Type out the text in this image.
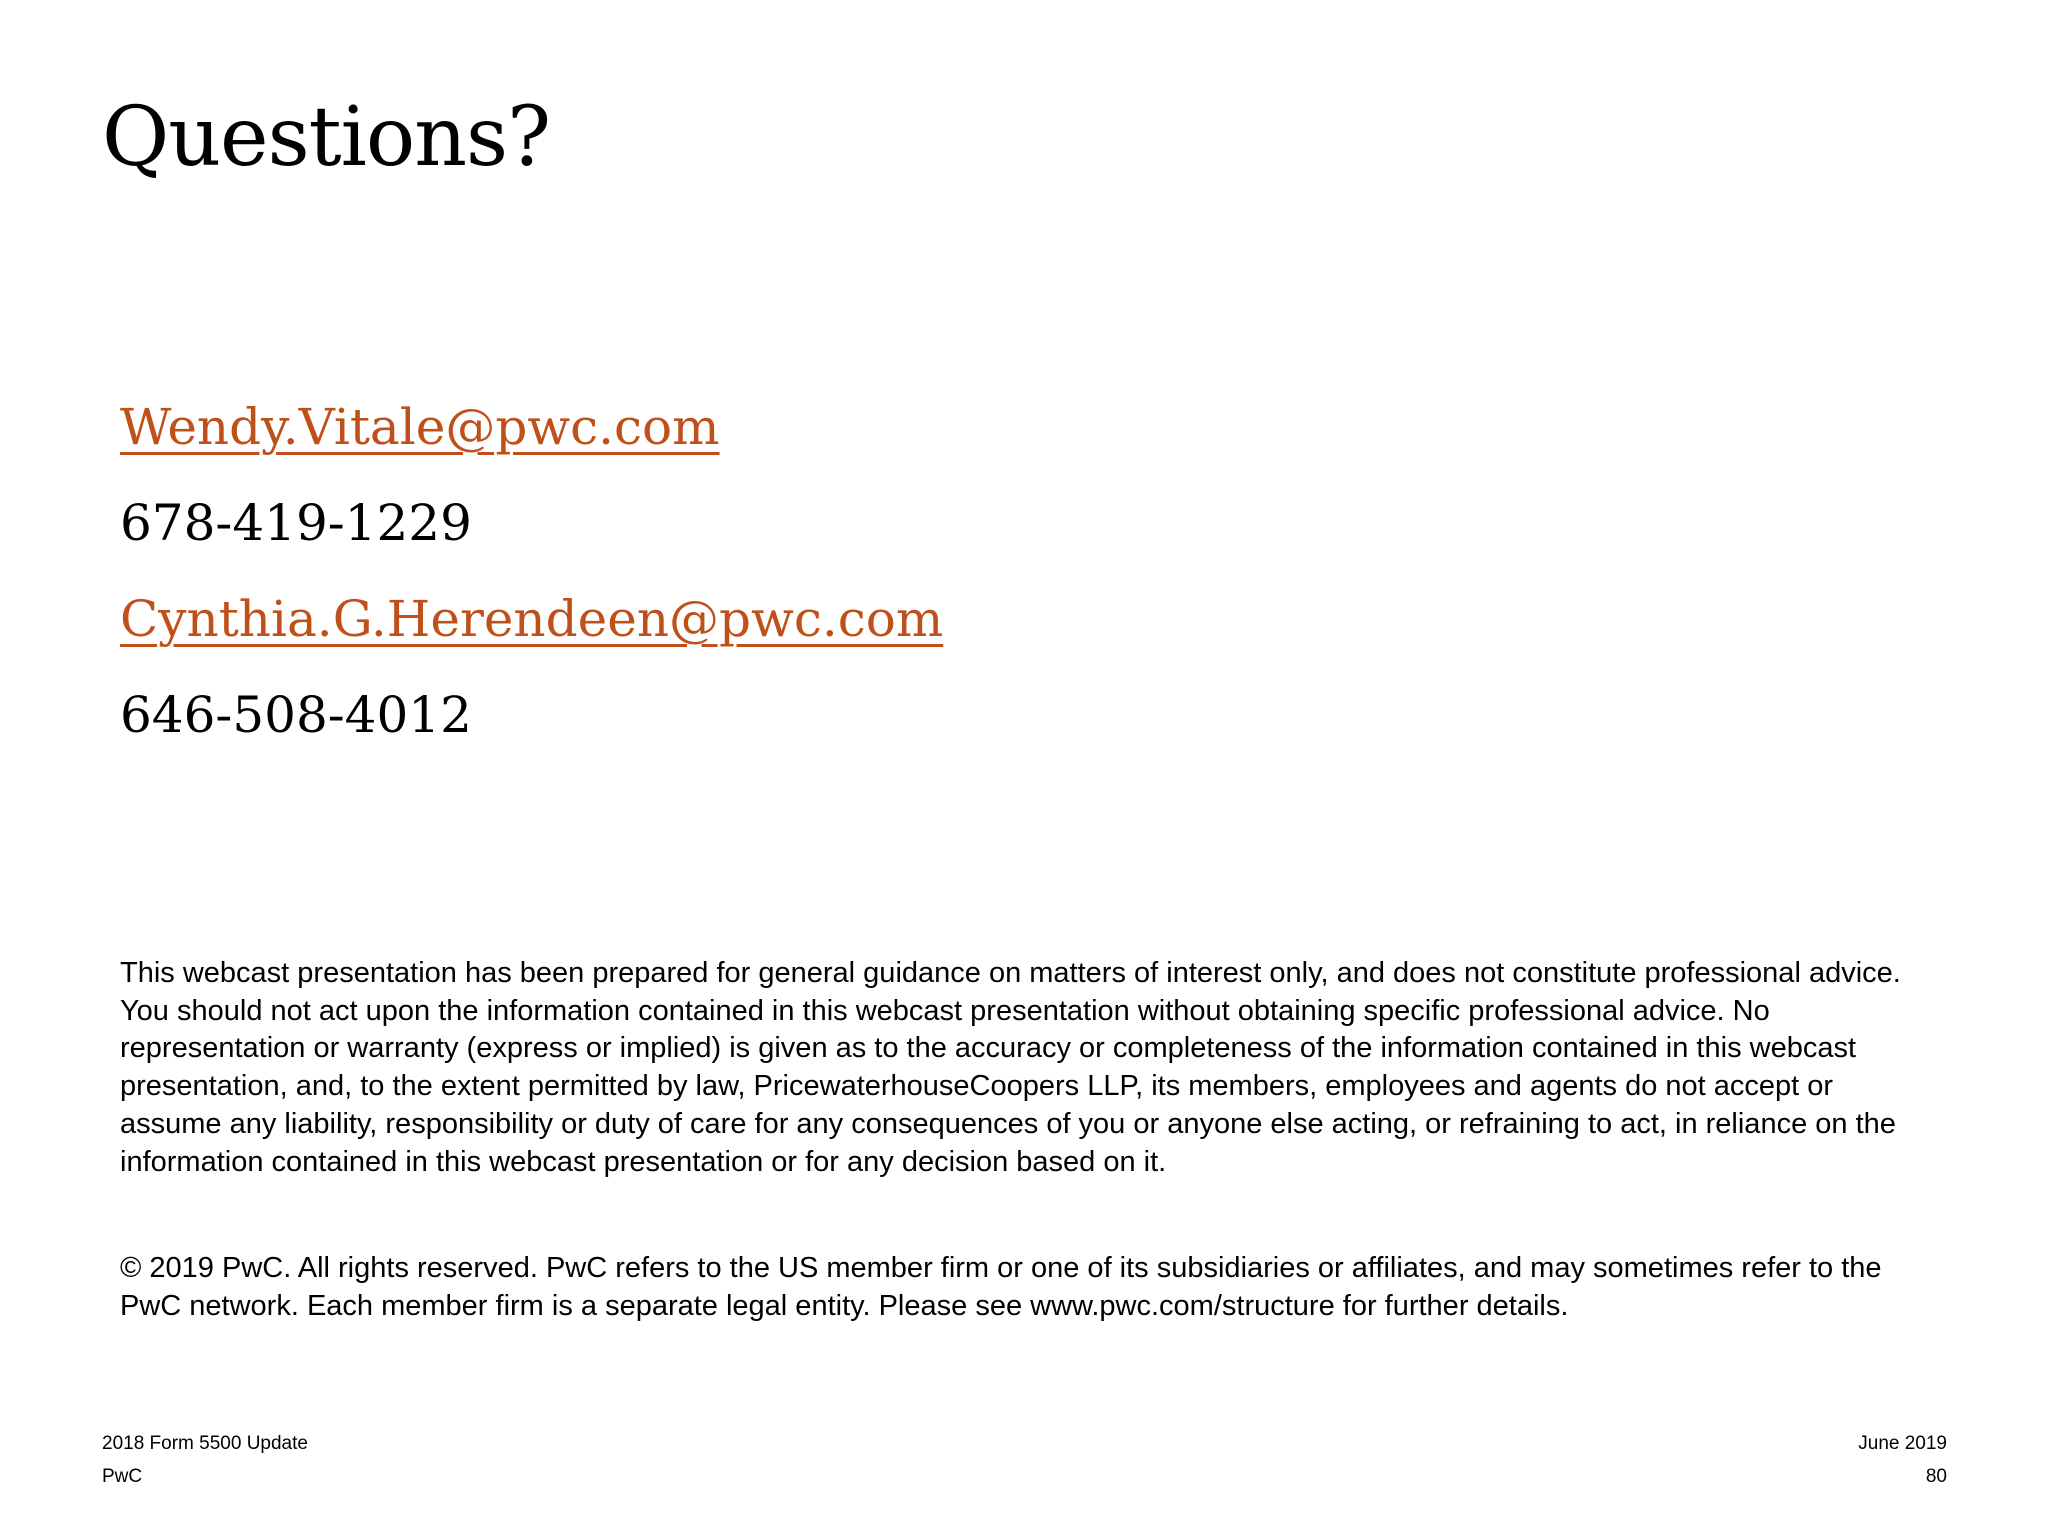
Questions?
Wendy.Vitale@pwc.com
678-419-1229
Cynthia.G.Herendeen@pwc.com
646-508-4012

This webcast presentation has been prepared for general guidance on matters of interest only, and does not constitute professional advice. You should not act upon the information contained in this webcast presentation without obtaining specific professional advice. No representation or warranty (express or implied) is given as to the accuracy or completeness of the information contained in this webcast presentation, and, to the extent permitted by law, PricewaterhouseCoopers LLP, its members, employees and agents do not accept or assume any liability, responsibility or duty of care for any consequences of you or anyone else acting, or refraining to act, in reliance on the information contained in this webcast presentation or for any decision based on it.

© 2019 PwC. All rights reserved. PwC refers to the US member firm or one of its subsidiaries or affiliates, and may sometimes refer to the PwC network. Each member firm is a separate legal entity. Please see www.pwc.com/structure for further details.

2018 Form 5500 Update
PwC
June 2019
80
